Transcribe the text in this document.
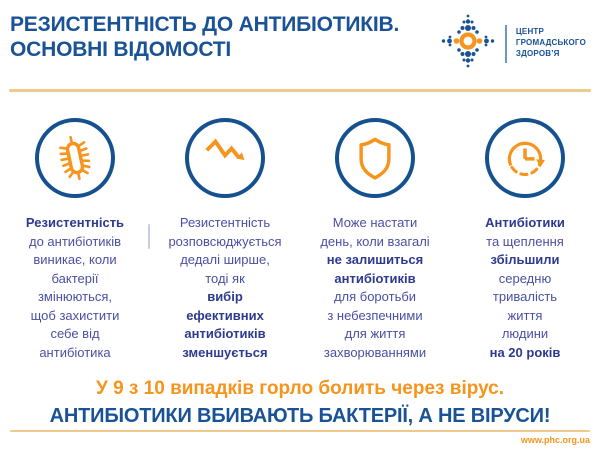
РЕЗИСТЕНТНІСТЬ ДО АНТИБІОТИКІВ.
ОСНОВНІ ВІДОМОСТІ
ЦЕНТР
ГРОМАДСЬКОГО
ЗДОРОВ’Я
Резистентність
до антибіотиків
виникає, коли
бактерії
змінюються,
щоб захистити
себе від
антибіотика
Резистентність
розповсюджується
дедалі ширше,
тоді як
вибір
ефективних
антибіотиків
зменшується
Може настати
день, коли взагалі
не залишиться
антибіотиків
для боротьби
з небезпечними
для життя
захворюваннями
Антибіотики
та щеплення
збільшили
середню
тривалість
життя
людини
на 20 років
У 9 з 10 випадків горло болить через вірус.
АНТИБІОТИКИ ВБИВАЮТЬ БАКТЕРІЇ, А НЕ ВІРУСИ!
www.phc.org.ua
